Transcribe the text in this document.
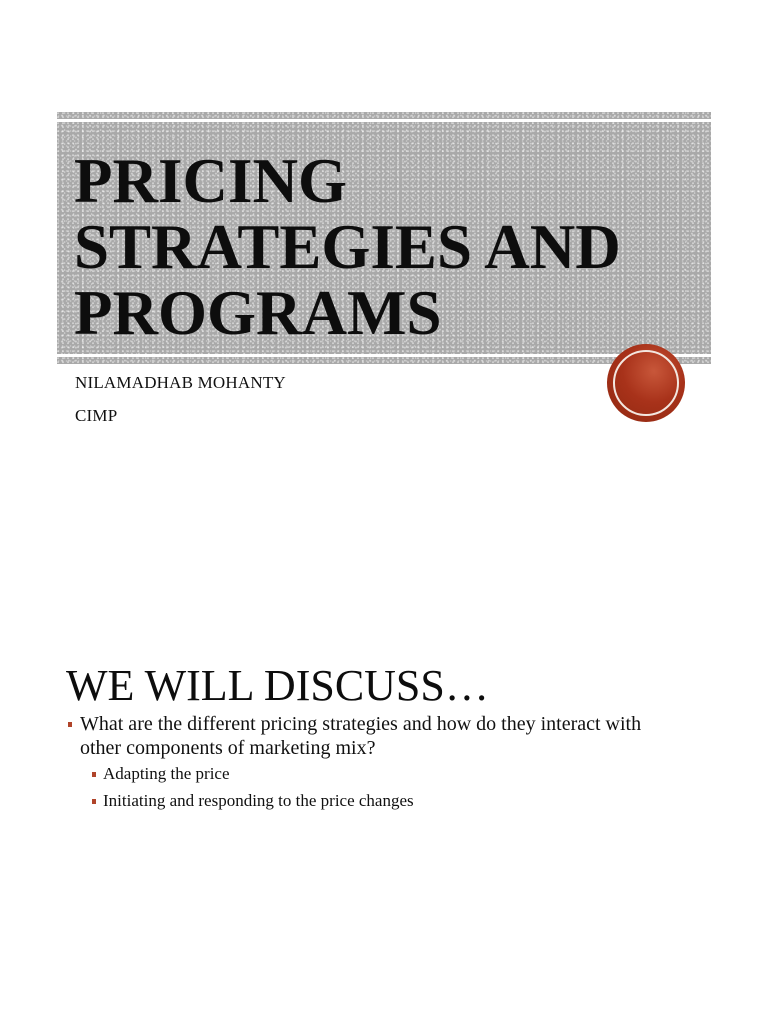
PRICING
STRATEGIES AND
PROGRAMS
NILAMADHAB MOHANTY
CIMP
WE WILL DISCUSS…
What are the different pricing strategies and how do they interact with
other components of marketing mix?
Adapting the price
Initiating and responding to the price changes
